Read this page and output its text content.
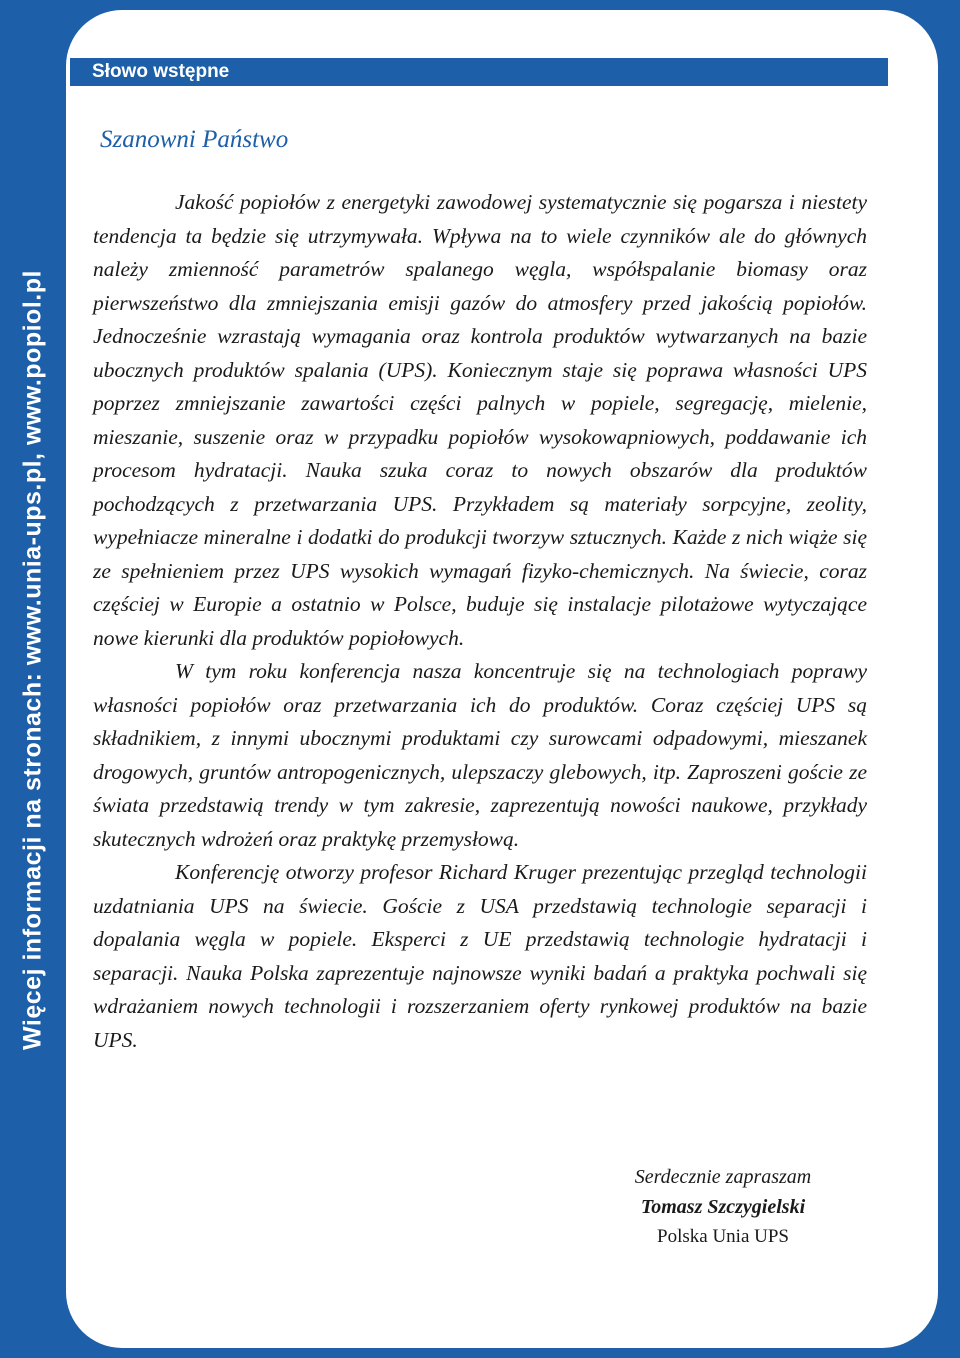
Więcej informacji na stronach: www.unia-ups.pl, www.popiol.pl
Słowo wstępne
Szanowni Państwo

Jakość popiołów z energetyki zawodowej systematycznie się pogarsza i niestety tendencja ta będzie się utrzymywała. Wpływa na to wiele czynników ale do głównych należy zmienność parametrów spalanego węgla, współspalanie biomasy oraz pierwszeństwo dla zmniejszania emisji gazów do atmosfery przed jakością popiołów. Jednocześnie wzrastają wymagania oraz kontrola produktów wytwarzanych na bazie ubocznych produktów spalania (UPS). Koniecznym staje się poprawa własności UPS poprzez zmniejszanie zawartości części palnych w popiele, segregację, mielenie, mieszanie, suszenie oraz w przypadku popiołów wysokowapniowych, poddawanie ich procesom hydratacji. Nauka szuka coraz to nowych obszarów dla produktów pochodzących z przetwarzania UPS. Przykładem są materiały sorpcyjne, zeolity, wypełniacze mineralne i dodatki do produkcji tworzyw sztucznych. Każde z nich wiąże się ze spełnieniem przez UPS wysokich wymagań fizyko-chemicznych. Na świecie, coraz częściej w Europie a ostatnio w Polsce, buduje się instalacje pilotażowe wytyczające nowe kierunki dla produktów popiołowych.

W tym roku konferencja nasza koncentruje się na technologiach poprawy własności popiołów oraz przetwarzania ich do produktów. Coraz częściej UPS są składnikiem, z innymi ubocznymi produktami czy surowcami odpadowymi, mieszanek drogowych, gruntów antropogenicznych, ulepszaczy glebowych, itp. Zaproszeni goście ze świata przedstawią trendy w tym zakresie, zaprezentują nowości naukowe, przykłady skutecznych wdrożeń oraz praktykę przemysłową.

Konferencję otworzy profesor Richard Kruger prezentując przegląd technologii uzdatniania UPS na świecie. Goście z USA przedstawią technologie separacji i dopalania węgla w popiele. Eksperci z UE przedstawią technologie hydratacji i separacji. Nauka Polska zaprezentuje najnowsze wyniki badań a praktyka pochwali się wdrażaniem nowych technologii i rozszerzaniem oferty rynkowej produktów na bazie UPS.

Serdecznie zapraszam
Tomasz Szczygielski
Polska Unia UPS
